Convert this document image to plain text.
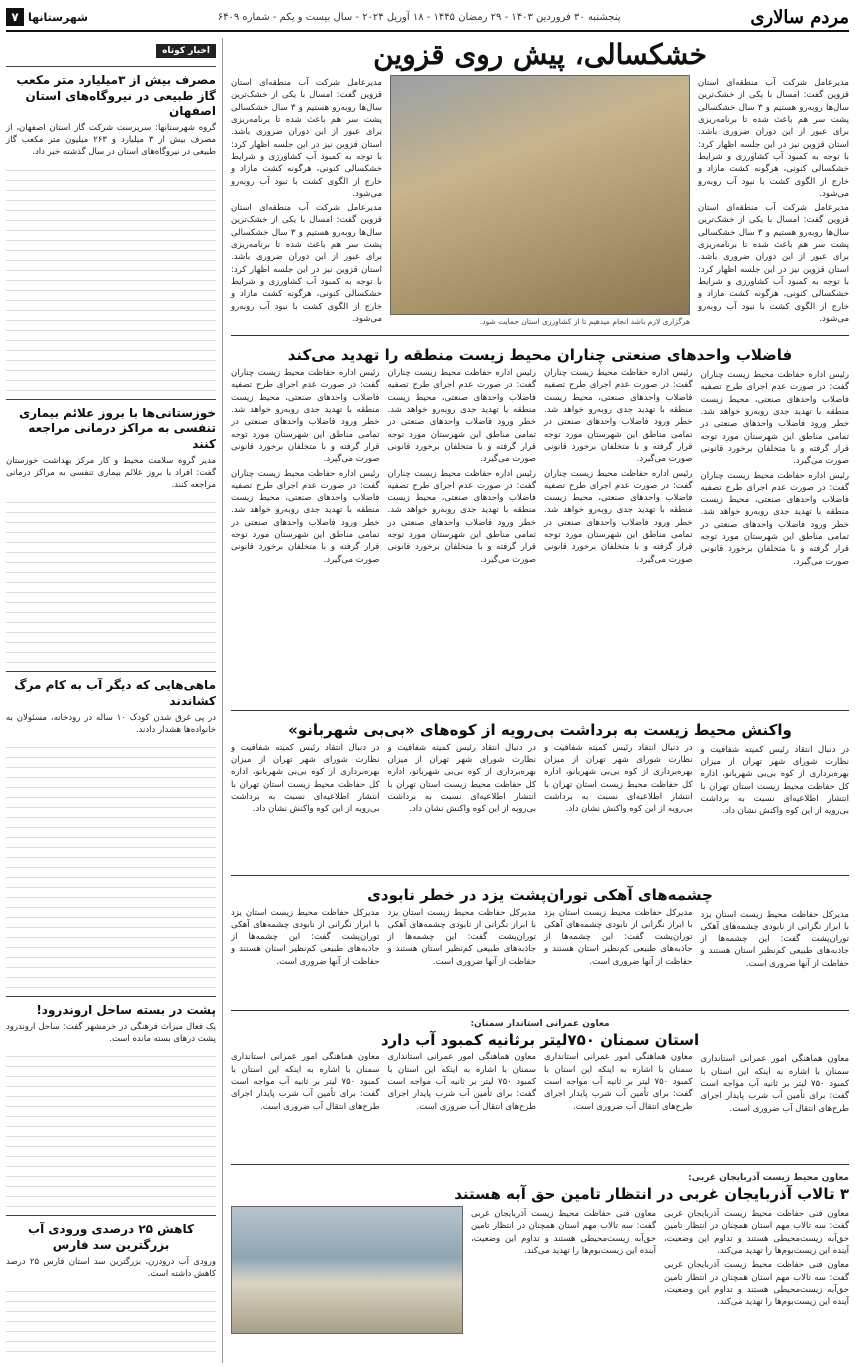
مردم سالاری
پنجشنبه ۳۰ فروردین ۱۴۰۳ - ۲۹ رمضان ۱۴۴۵ - ۱۸ آوریل ۲۰۲۴ - سال بیست و یکم - شماره ۶۴۰۹
شهرستانها
۷
خشکسالی، پیش روی قزوین

مدیرعامل شرکت آب منطقه‌ای استان قزوین گفت: امسال با یکی از خشک‌ترین سال‌ها روبه‌رو هستیم و ۳ سال خشکسالی پشت سر هم باعث شده تا برنامه‌ریزی برای عبور از این دوران ضروری باشد. استان قزوین نیز در این جلسه اظهار کرد: با توجه به کمبود آب کشاورزی و شرایط خشکسالی کنونی، هرگونه کشت مازاد و خارج از الگوی کشت با نبود آب روبه‌رو می‌شود.

مدیرعامل شرکت آب منطقه‌ای استان قزوین گفت: امسال با یکی از خشک‌ترین سال‌ها روبه‌رو هستیم و ۳ سال خشکسالی پشت سر هم باعث شده تا برنامه‌ریزی برای عبور از این دوران ضروری باشد. استان قزوین نیز در این جلسه اظهار کرد: با توجه به کمبود آب کشاورزی و شرایط خشکسالی کنونی، هرگونه کشت مازاد و خارج از الگوی کشت با نبود آب روبه‌رو می‌شود.

هرگزاری لازم باشد انجام میدهیم تا از کشاورزی استان حمایت شود.

مدیرعامل شرکت آب منطقه‌ای استان قزوین گفت: امسال با یکی از خشک‌ترین سال‌ها روبه‌رو هستیم و ۳ سال خشکسالی پشت سر هم باعث شده تا برنامه‌ریزی برای عبور از این دوران ضروری باشد. استان قزوین نیز در این جلسه اظهار کرد: با توجه به کمبود آب کشاورزی و شرایط خشکسالی کنونی، هرگونه کشت مازاد و خارج از الگوی کشت با نبود آب روبه‌رو می‌شود.

مدیرعامل شرکت آب منطقه‌ای استان قزوین گفت: امسال با یکی از خشک‌ترین سال‌ها روبه‌رو هستیم و ۳ سال خشکسالی پشت سر هم باعث شده تا برنامه‌ریزی برای عبور از این دوران ضروری باشد. استان قزوین نیز در این جلسه اظهار کرد: با توجه به کمبود آب کشاورزی و شرایط خشکسالی کنونی، هرگونه کشت مازاد و خارج از الگوی کشت با نبود آب روبه‌رو می‌شود.

فاضلاب واحدهای صنعتی چناران محیط زیست منطقه را تهدید می‌کند

رئیس اداره حفاظت محیط زیست چناران گفت: در صورت عدم اجرای طرح تصفیه فاضلاب واحدهای صنعتی، محیط زیست منطقه با تهدید جدی روبه‌رو خواهد شد. خطر ورود فاضلاب واحدهای صنعتی در تمامی مناطق این شهرستان مورد توجه قرار گرفته و با متخلفان برخورد قانونی صورت می‌گیرد.

رئیس اداره حفاظت محیط زیست چناران گفت: در صورت عدم اجرای طرح تصفیه فاضلاب واحدهای صنعتی، محیط زیست منطقه با تهدید جدی روبه‌رو خواهد شد. خطر ورود فاضلاب واحدهای صنعتی در تمامی مناطق این شهرستان مورد توجه قرار گرفته و با متخلفان برخورد قانونی صورت می‌گیرد.

رئیس اداره حفاظت محیط زیست چناران گفت: در صورت عدم اجرای طرح تصفیه فاضلاب واحدهای صنعتی، محیط زیست منطقه با تهدید جدی روبه‌رو خواهد شد. خطر ورود فاضلاب واحدهای صنعتی در تمامی مناطق این شهرستان مورد توجه قرار گرفته و با متخلفان برخورد قانونی صورت می‌گیرد.

رئیس اداره حفاظت محیط زیست چناران گفت: در صورت عدم اجرای طرح تصفیه فاضلاب واحدهای صنعتی، محیط زیست منطقه با تهدید جدی روبه‌رو خواهد شد. خطر ورود فاضلاب واحدهای صنعتی در تمامی مناطق این شهرستان مورد توجه قرار گرفته و با متخلفان برخورد قانونی صورت می‌گیرد.

رئیس اداره حفاظت محیط زیست چناران گفت: در صورت عدم اجرای طرح تصفیه فاضلاب واحدهای صنعتی، محیط زیست منطقه با تهدید جدی روبه‌رو خواهد شد. خطر ورود فاضلاب واحدهای صنعتی در تمامی مناطق این شهرستان مورد توجه قرار گرفته و با متخلفان برخورد قانونی صورت می‌گیرد.

رئیس اداره حفاظت محیط زیست چناران گفت: در صورت عدم اجرای طرح تصفیه فاضلاب واحدهای صنعتی، محیط زیست منطقه با تهدید جدی روبه‌رو خواهد شد. خطر ورود فاضلاب واحدهای صنعتی در تمامی مناطق این شهرستان مورد توجه قرار گرفته و با متخلفان برخورد قانونی صورت می‌گیرد.

رئیس اداره حفاظت محیط زیست چناران گفت: در صورت عدم اجرای طرح تصفیه فاضلاب واحدهای صنعتی، محیط زیست منطقه با تهدید جدی روبه‌رو خواهد شد. خطر ورود فاضلاب واحدهای صنعتی در تمامی مناطق این شهرستان مورد توجه قرار گرفته و با متخلفان برخورد قانونی صورت می‌گیرد.

رئیس اداره حفاظت محیط زیست چناران گفت: در صورت عدم اجرای طرح تصفیه فاضلاب واحدهای صنعتی، محیط زیست منطقه با تهدید جدی روبه‌رو خواهد شد. خطر ورود فاضلاب واحدهای صنعتی در تمامی مناطق این شهرستان مورد توجه قرار گرفته و با متخلفان برخورد قانونی صورت می‌گیرد.

واکنش محیط زیست به برداشت بی‌رویه از کوه‌های «بی‌بی شهربانو»

در دنبال انتقاد رئیس کمیته شفافیت و نظارت شورای شهر تهران از میزان بهره‌برداری از کوه بی‌بی شهربانو، اداره کل حفاظت محیط زیست استان تهران با انتشار اطلاعیه‌ای نسبت به برداشت بی‌رویه از این کوه واکنش نشان داد.

در دنبال انتقاد رئیس کمیته شفافیت و نظارت شورای شهر تهران از میزان بهره‌برداری از کوه بی‌بی شهربانو، اداره کل حفاظت محیط زیست استان تهران با انتشار اطلاعیه‌ای نسبت به برداشت بی‌رویه از این کوه واکنش نشان داد.

در دنبال انتقاد رئیس کمیته شفافیت و نظارت شورای شهر تهران از میزان بهره‌برداری از کوه بی‌بی شهربانو، اداره کل حفاظت محیط زیست استان تهران با انتشار اطلاعیه‌ای نسبت به برداشت بی‌رویه از این کوه واکنش نشان داد.

در دنبال انتقاد رئیس کمیته شفافیت و نظارت شورای شهر تهران از میزان بهره‌برداری از کوه بی‌بی شهربانو، اداره کل حفاظت محیط زیست استان تهران با انتشار اطلاعیه‌ای نسبت به برداشت بی‌رویه از این کوه واکنش نشان داد.

چشمه‌های آهکی توران‌پشت یزد در خطر نابودی

مدیرکل حفاظت محیط زیست استان یزد با ابراز نگرانی از نابودی چشمه‌های آهکی توران‌پشت گفت: این چشمه‌ها از جاذبه‌های طبیعی کم‌نظیر استان هستند و حفاظت از آنها ضروری است.

مدیرکل حفاظت محیط زیست استان یزد با ابراز نگرانی از نابودی چشمه‌های آهکی توران‌پشت گفت: این چشمه‌ها از جاذبه‌های طبیعی کم‌نظیر استان هستند و حفاظت از آنها ضروری است.

مدیرکل حفاظت محیط زیست استان یزد با ابراز نگرانی از نابودی چشمه‌های آهکی توران‌پشت گفت: این چشمه‌ها از جاذبه‌های طبیعی کم‌نظیر استان هستند و حفاظت از آنها ضروری است.

مدیرکل حفاظت محیط زیست استان یزد با ابراز نگرانی از نابودی چشمه‌های آهکی توران‌پشت گفت: این چشمه‌ها از جاذبه‌های طبیعی کم‌نظیر استان هستند و حفاظت از آنها ضروری است.

معاون عمرانی استاندار سمنان:
استان سمنان ۷۵۰لیتر برثانیه کمبود آب دارد

معاون هماهنگی امور عمرانی استانداری سمنان با اشاره به اینکه این استان با کمبود ۷۵۰ لیتر بر ثانیه آب مواجه است گفت: برای تأمین آب شرب پایدار اجرای طرح‌های انتقال آب ضروری است.

معاون هماهنگی امور عمرانی استانداری سمنان با اشاره به اینکه این استان با کمبود ۷۵۰ لیتر بر ثانیه آب مواجه است گفت: برای تأمین آب شرب پایدار اجرای طرح‌های انتقال آب ضروری است.

معاون هماهنگی امور عمرانی استانداری سمنان با اشاره به اینکه این استان با کمبود ۷۵۰ لیتر بر ثانیه آب مواجه است گفت: برای تأمین آب شرب پایدار اجرای طرح‌های انتقال آب ضروری است.

معاون هماهنگی امور عمرانی استانداری سمنان با اشاره به اینکه این استان با کمبود ۷۵۰ لیتر بر ثانیه آب مواجه است گفت: برای تأمین آب شرب پایدار اجرای طرح‌های انتقال آب ضروری است.

معاون محیط زیست آذربایجان غربی:
۳ تالاب آذربایجان غربی در انتظار تامین حق آبه هستند

معاون فنی حفاظت محیط زیست آذربایجان غربی گفت: سه تالاب مهم استان همچنان در انتظار تامین حق‌آبه زیست‌محیطی هستند و تداوم این وضعیت، آینده این زیست‌بوم‌ها را تهدید می‌کند.

معاون فنی حفاظت محیط زیست آذربایجان غربی گفت: سه تالاب مهم استان همچنان در انتظار تامین حق‌آبه زیست‌محیطی هستند و تداوم این وضعیت، آینده این زیست‌بوم‌ها را تهدید می‌کند.

معاون فنی حفاظت محیط زیست آذربایجان غربی گفت: سه تالاب مهم استان همچنان در انتظار تامین حق‌آبه زیست‌محیطی هستند و تداوم این وضعیت، آینده این زیست‌بوم‌ها را تهدید می‌کند.

اخبار کوتاه
مصرف بیش از ۳میلیارد متر مکعب گاز طبیعی در نیروگاه‌های استان اصفهان

گروه شهرستانها: سرپرست شرکت گاز استان اصفهان، از مصرف بیش از ۳ میلیارد و ۲۶۳ میلیون متر مکعب گاز طبیعی در نیروگاه‌های استان در سال گذشته خبر داد.

خوزستانی‌ها با بروز علائم بیماری تنفسی به مراکز درمانی مراجعه کنند

مدیر گروه سلامت محیط و کار مرکز بهداشت خوزستان گفت: افراد با بروز علائم بیماری تنفسی به مراکز درمانی مراجعه کنند.

ماهی‌هایی که دیگر آب به کام مرگ کشاندند

در پی غرق شدن کودک ۱۰ ساله در رودخانه، مسئولان به خانواده‌ها هشدار دادند.

پشت در بسته ساحل اروندرود!

یک فعال میراث فرهنگی در خرمشهر گفت: ساحل اروندرود پشت درهای بسته مانده است.

کاهش ۲۵ درصدی ورودی آب بزرگترین سد فارس

ورودی آب درودزن، بزرگترین سد استان فارس ۲۵ درصد کاهش داشته است.
